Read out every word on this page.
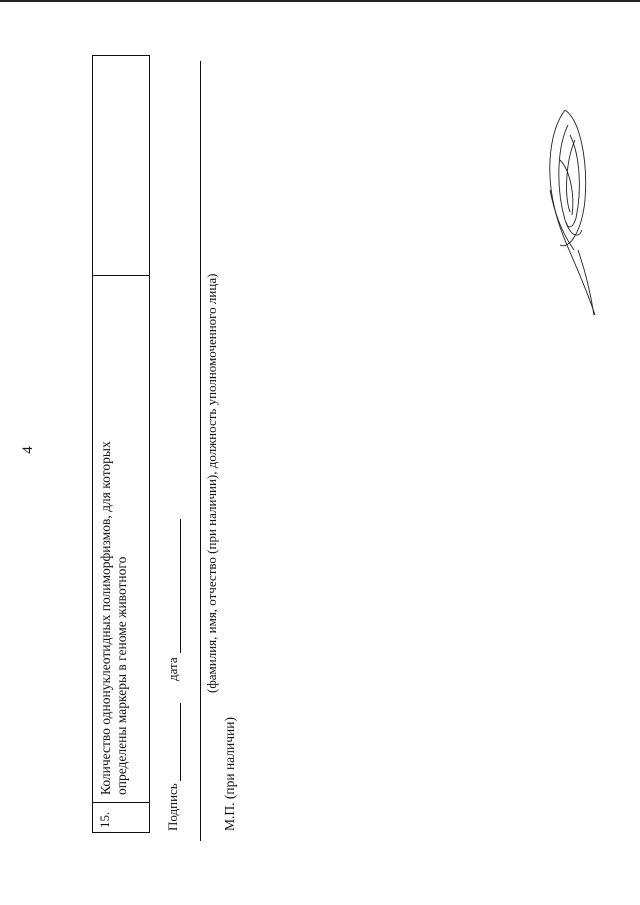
4
15.
Количество однонуклеотидных полиморфизмов, для которых определены маркеры в геноме животного
Подпись
дата (фамилия, имя, отчество (при наличии), должность уполномоченного лица)
М.П. (при наличии)
